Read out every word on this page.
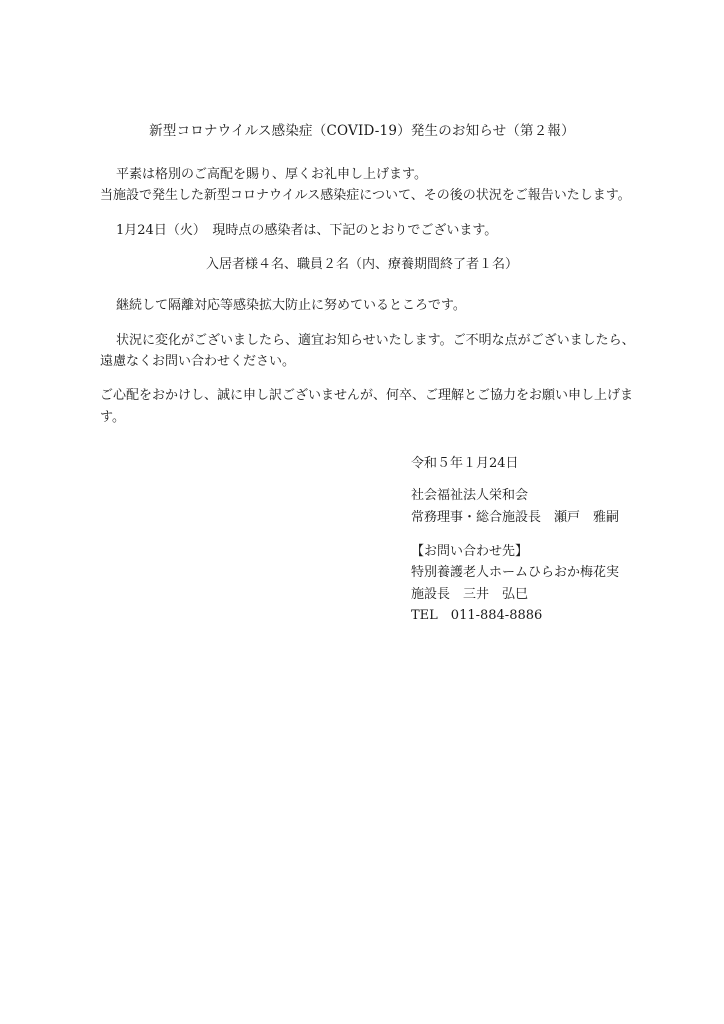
新型コロナウイルス感染症（COVID-19）発生のお知らせ（第２報）
平素は格別のご高配を賜り、厚くお礼申し上げます。
当施設で発生した新型コロナウイルス感染症について、その後の状況をご報告いたします。
1月24日（火）　現時点の感染者は、下記のとおりでございます。
入居者様４名、職員２名（内、療養期間終了者１名）
継続して隔離対応等感染拡大防止に努めているところです。
状況に変化がございましたら、適宜お知らせいたします。ご不明な点がございましたら、
遠慮なくお問い合わせください。
ご心配をおかけし、誠に申し訳ございませんが、何卒、ご理解とご協力をお願い申し上げま
す。
令和５年１月24日
社会福祉法人栄和会
常務理事・総合施設長　瀬戸　雅嗣
【お問い合わせ先】
特別養護老人ホームひらおか梅花実
施設長　三井　弘巳
TEL　011-884-8886
